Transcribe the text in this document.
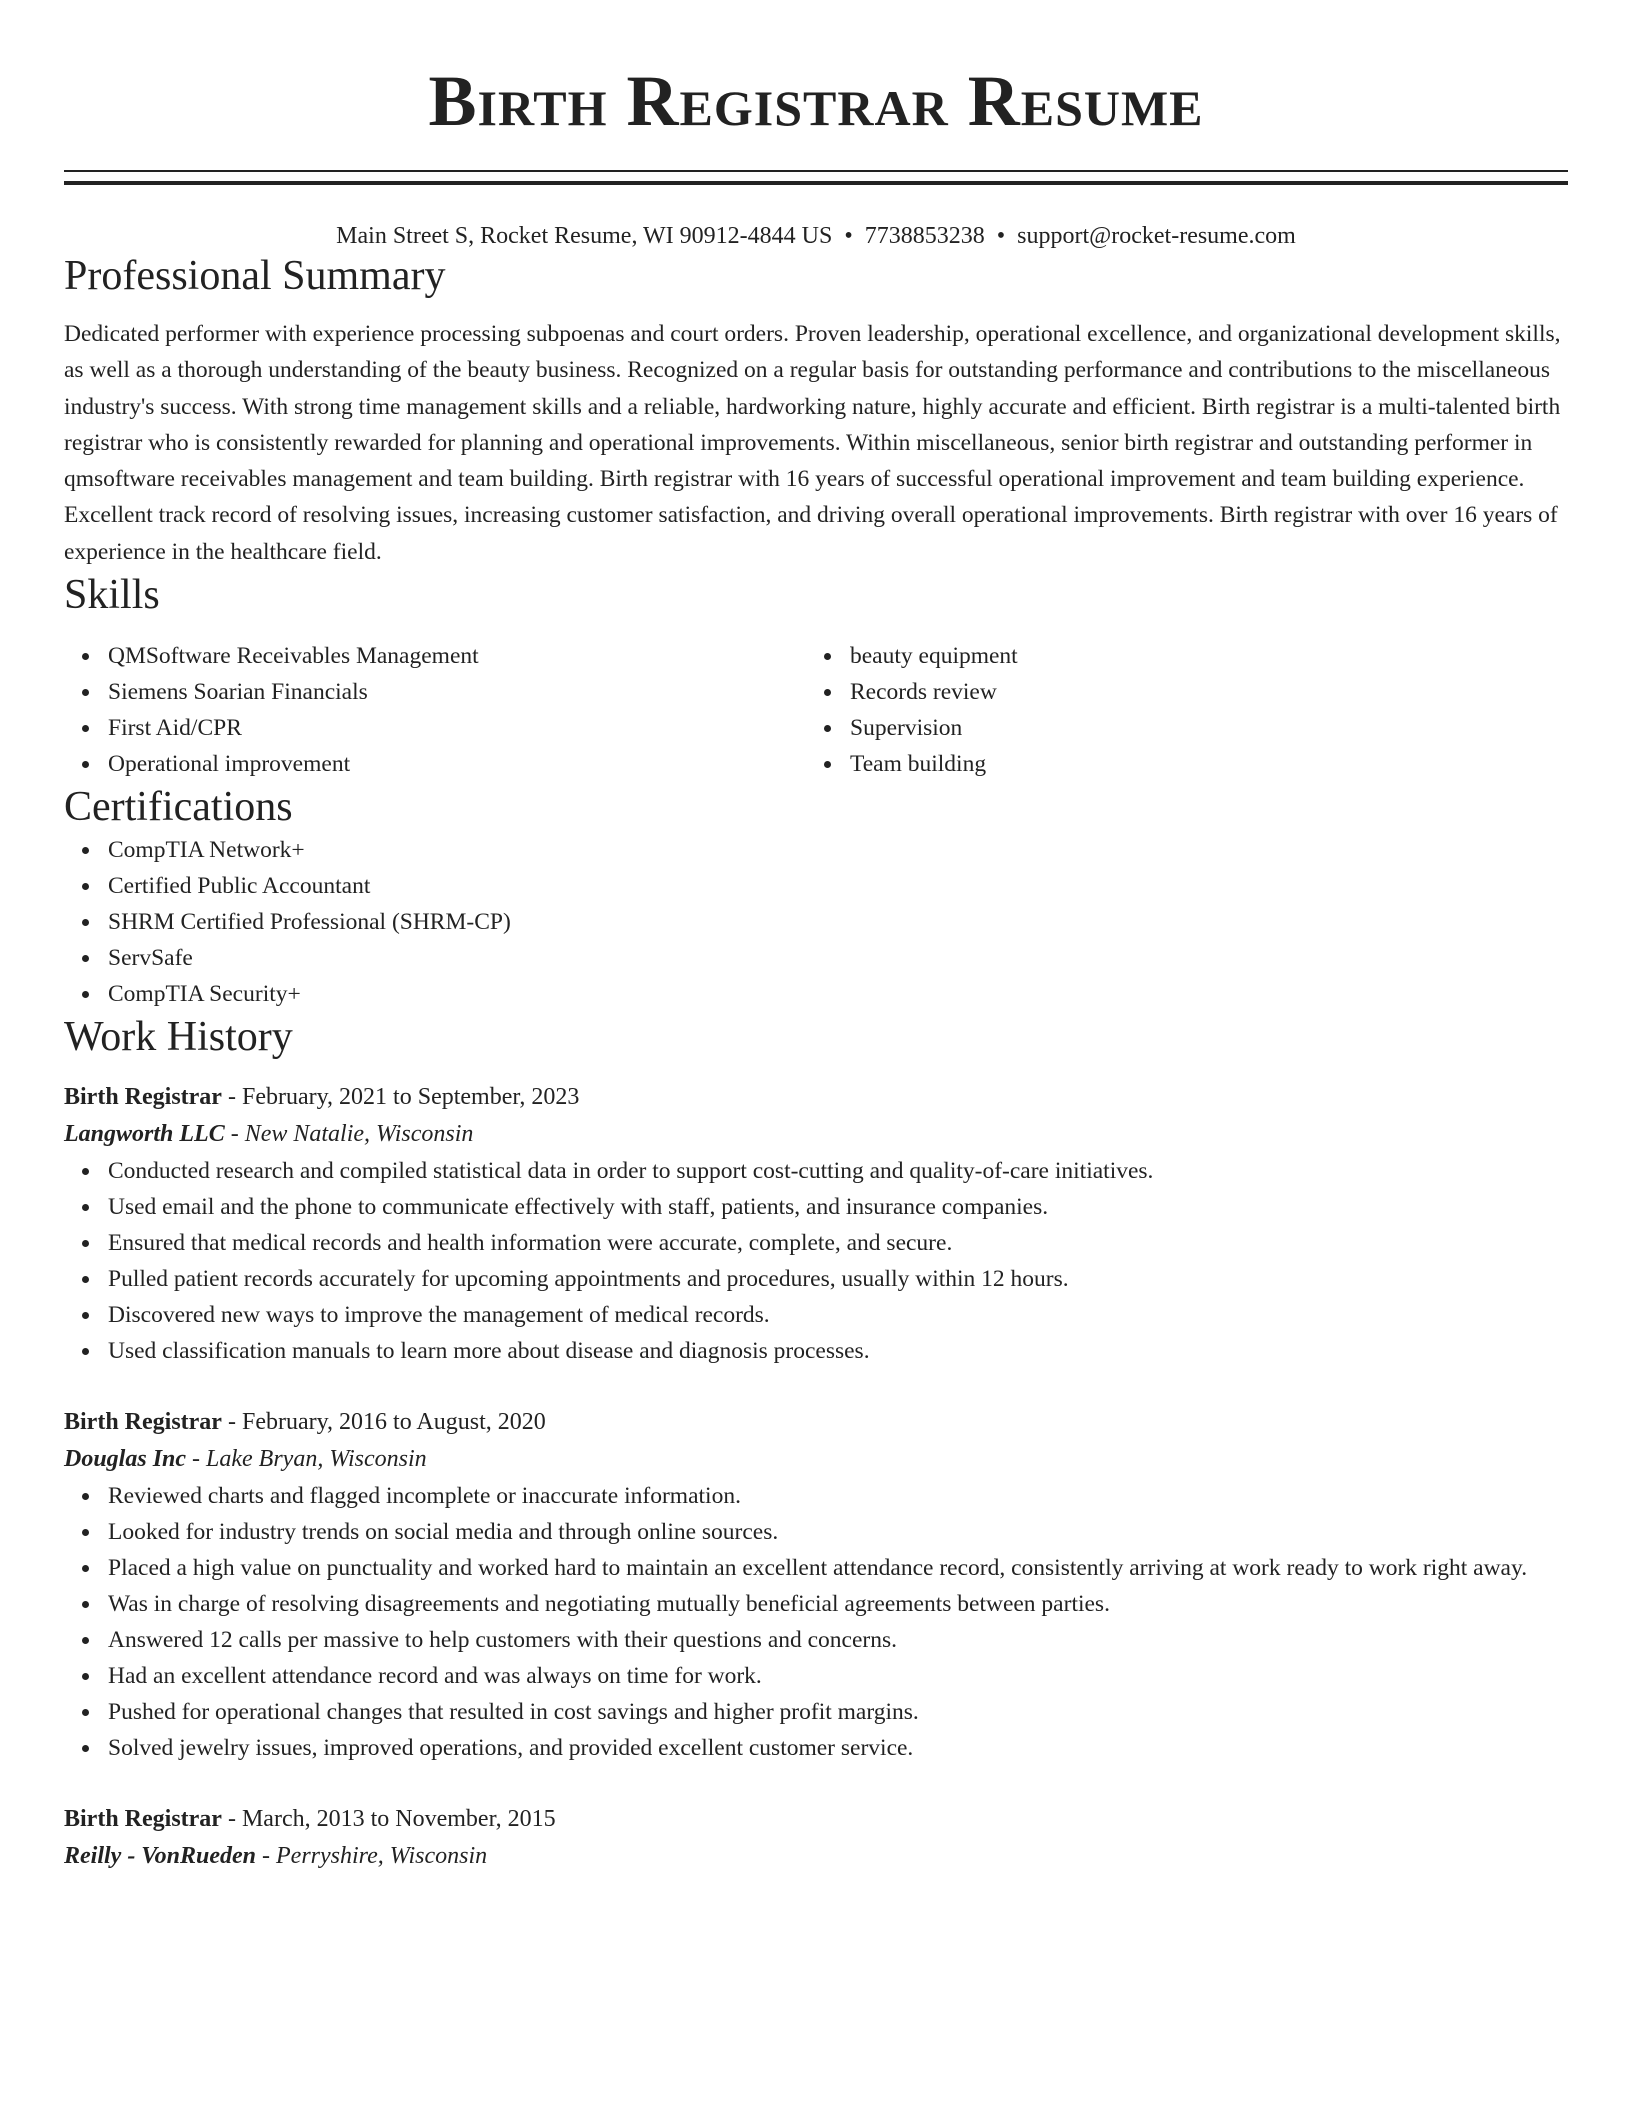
Birth Registrar Resume
Main Street S, Rocket Resume, WI 90912-4844 US • 7738853238 • support@rocket-resume.com
Professional Summary

Dedicated performer with experience processing subpoenas and court orders. Proven leadership, operational excellence, and organizational development skills, as well as a thorough understanding of the beauty business. Recognized on a regular basis for outstanding performance and contributions to the miscellaneous industry's success. With strong time management skills and a reliable, hardworking nature, highly accurate and efficient. Birth registrar is a multi-talented birth registrar who is consistently rewarded for planning and operational improvements. Within miscellaneous, senior birth registrar and outstanding performer in qmsoftware receivables management and team building. Birth registrar with 16 years of successful operational improvement and team building experience. Excellent track record of resolving issues, increasing customer satisfaction, and driving overall operational improvements. Birth registrar with over 16 years of experience in the healthcare field.

Skills
QMSoftware Receivables Management
Siemens Soarian Financials
First Aid/CPR
Operational improvement
beauty equipment
Records review
Supervision
Team building
Certifications
CompTIA Network+
Certified Public Accountant
SHRM Certified Professional (SHRM-CP)
ServSafe
CompTIA Security+
Work History
Birth Registrar - February, 2021 to September, 2023
Langworth LLC - New Natalie, Wisconsin
Conducted research and compiled statistical data in order to support cost-cutting and quality-of-care initiatives.
Used email and the phone to communicate effectively with staff, patients, and insurance companies.
Ensured that medical records and health information were accurate, complete, and secure.
Pulled patient records accurately for upcoming appointments and procedures, usually within 12 hours.
Discovered new ways to improve the management of medical records.
Used classification manuals to learn more about disease and diagnosis processes.
Birth Registrar - February, 2016 to August, 2020
Douglas Inc - Lake Bryan, Wisconsin
Reviewed charts and flagged incomplete or inaccurate information.
Looked for industry trends on social media and through online sources.
Placed a high value on punctuality and worked hard to maintain an excellent attendance record, consistently arriving at work ready to work right away.
Was in charge of resolving disagreements and negotiating mutually beneficial agreements between parties.
Answered 12 calls per massive to help customers with their questions and concerns.
Had an excellent attendance record and was always on time for work.
Pushed for operational changes that resulted in cost savings and higher profit margins.
Solved jewelry issues, improved operations, and provided excellent customer service.
Birth Registrar - March, 2013 to November, 2015
Reilly - VonRueden - Perryshire, Wisconsin
